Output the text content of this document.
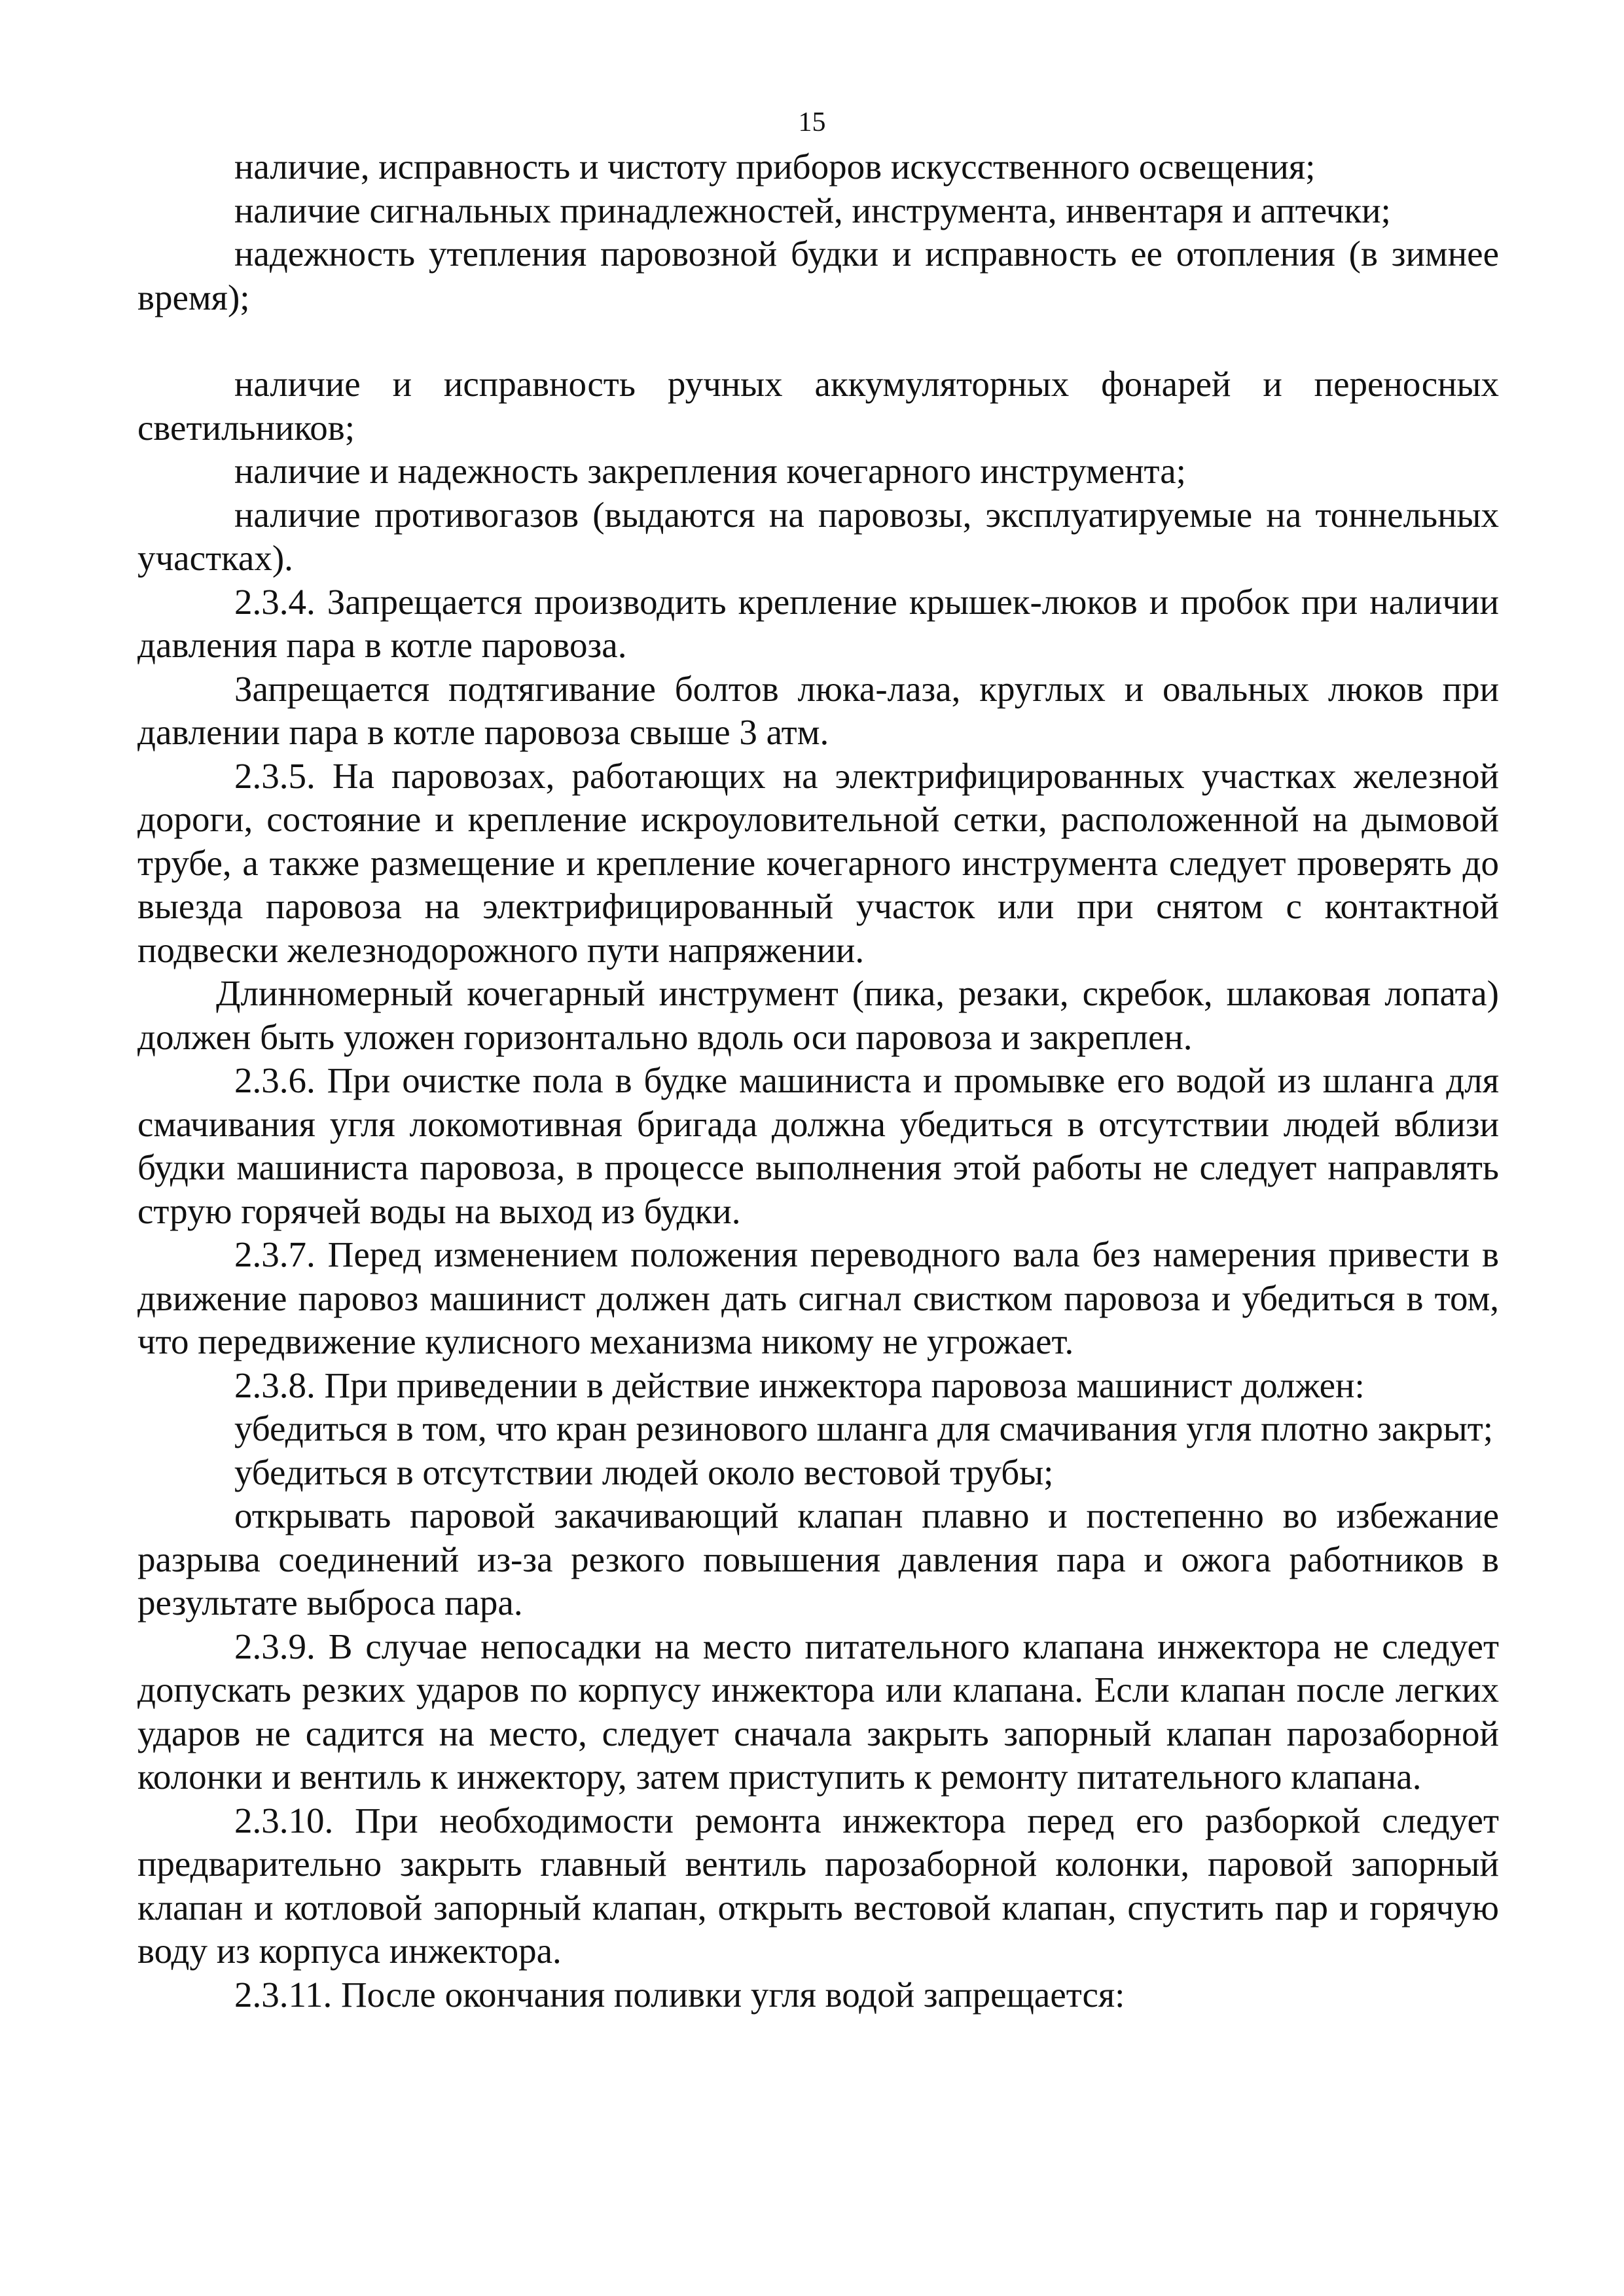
15

наличие, исправность и чистоту приборов искусственного освещения;

наличие сигнальных принадлежностей, инструмента, инвентаря и аптечки;

надежность утепления паровозной будки и исправность ее отопления (в зимнее время);

наличие и исправность ручных аккумуляторных фонарей и переносных светильников;

наличие и надежность закрепления кочегарного инструмента;

наличие противогазов (выдаются на паровозы, эксплуатируемые на тоннельных участках).

2.3.4. Запрещается производить крепление крышек-люков и пробок при наличии давления пара в котле паровоза.

Запрещается подтягивание болтов люка-лаза, круглых и овальных люков при давлении пара в котле паровоза свыше 3 атм.

2.3.5. На паровозах, работающих на электрифицированных участках железной дороги, состояние и крепление искроуловительной сетки, расположенной на дымовой трубе, а также размещение и крепление кочегарного инструмента следует проверять до выезда паровоза на электрифицированный участок или при снятом с контактной подвески железнодорожного пути напряжении.

Длинномерный кочегарный инструмент (пика, резаки, скребок, шлаковая лопата) должен быть уложен горизонтально вдоль оси паровоза и закреплен.

2.3.6. При очистке пола в будке машиниста и промывке его водой из шланга для смачивания угля локомотивная бригада должна убедиться в отсутствии людей вблизи будки машиниста паровоза, в процессе выполнения этой работы не следует направлять струю горячей воды на выход из будки.

2.3.7. Перед изменением положения переводного вала без намерения привести в движение паровоз машинист должен дать сигнал свистком паровоза и убедиться в том, что передвижение кулисного механизма никому не угрожает.

2.3.8. При приведении в действие инжектора паровоза машинист должен:

убедиться в том, что кран резинового шланга для смачивания угля плотно закрыт;

убедиться в отсутствии людей около вестовой трубы;

открывать паровой закачивающий клапан плавно и постепенно во избежание разрыва соединений из-за резкого повышения давления пара и ожога работников в результате выброса пара.

2.3.9. В случае непосадки на место питательного клапана инжектора не следует допускать резких ударов по корпусу инжектора или клапана. Если клапан после легких ударов не садится на место, следует сначала закрыть запорный клапан парозаборной колонки и вентиль к инжектору, затем приступить к ремонту питательного клапана.

2.3.10. При необходимости ремонта инжектора перед его разборкой следует предварительно закрыть главный вентиль парозаборной колонки, паровой запорный клапан и котловой запорный клапан, открыть вестовой клапан, спустить пар и горячую воду из корпуса инжектора.

2.3.11. После окончания поливки угля водой запрещается:
